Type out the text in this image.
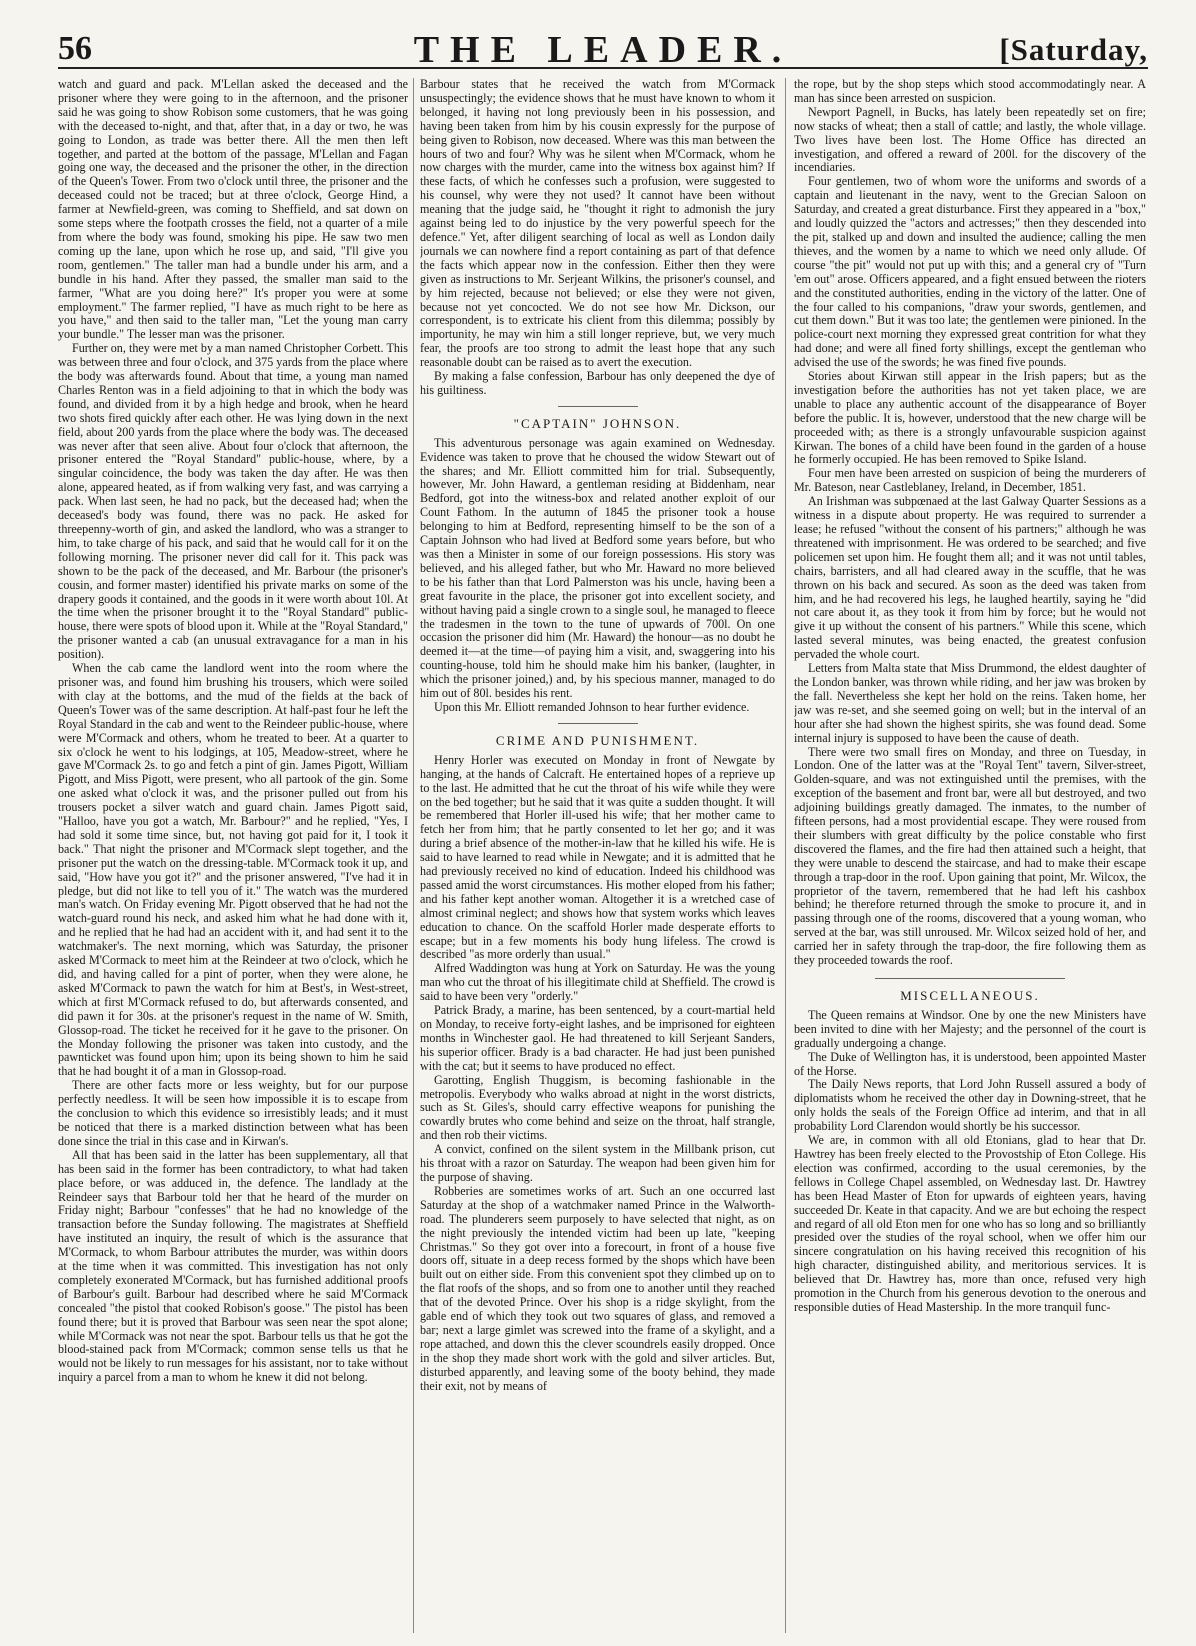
56	THE LEADER.	[Saturday,

watch and guard and pack. M'Lellan asked the deceased and the prisoner where they were going to in the afternoon, and the prisoner said he was going to show Robison some customers, that he was going with the deceased to-night, and that, after that, in a day or two, he was going to London, as trade was better there. All the men then left together, and parted at the bottom of the passage, M'Lellan and Fagan going one way, the deceased and the prisoner the other, in the direction of the Queen's Tower. From two o'clock until three, the prisoner and the deceased could not be traced; but at three o'clock, George Hind, a farmer at Newfield-green, was coming to Sheffield, and sat down on some steps where the footpath crosses the field, not a quarter of a mile from where the body was found, smoking his pipe. He saw two men coming up the lane, upon which he rose up, and said, "I'll give you room, gentlemen." The taller man had a bundle under his arm, and a bundle in his hand. After they passed, the smaller man said to the farmer, "What are you doing here?" It's proper you were at some employment." The farmer replied, "I have as much right to be here as you have," and then said to the taller man, "Let the young man carry your bundle." The lesser man was the prisoner.

Further on, they were met by a man named Christopher Corbett. This was between three and four o'clock, and 375 yards from the place where the body was afterwards found. About that time, a young man named Charles Renton was in a field adjoining to that in which the body was found, and divided from it by a high hedge and brook, when he heard two shots fired quickly after each other. He was lying down in the next field, about 200 yards from the place where the body was. The deceased was never after that seen alive. About four o'clock that afternoon, the prisoner entered the "Royal Standard" public-house, where, by a singular coincidence, the body was taken the day after. He was then alone, appeared heated, as if from walking very fast, and was carrying a pack. When last seen, he had no pack, but the deceased had; when the deceased's body was found, there was no pack. He asked for threepenny-worth of gin, and asked the landlord, who was a stranger to him, to take charge of his pack, and said that he would call for it on the following morning. The prisoner never did call for it. This pack was shown to be the pack of the deceased, and Mr. Barbour (the prisoner's cousin, and former master) identified his private marks on some of the drapery goods it contained, and the goods in it were worth about 10l. At the time when the prisoner brought it to the "Royal Standard" public-house, there were spots of blood upon it. While at the "Royal Standard," the prisoner wanted a cab (an unusual extravagance for a man in his position).

When the cab came the landlord went into the room where the prisoner was, and found him brushing his trousers, which were soiled with clay at the bottoms, and the mud of the fields at the back of Queen's Tower was of the same description. At half-past four he left the Royal Standard in the cab and went to the Reindeer public-house, where were M'Cormack and others, whom he treated to beer. At a quarter to six o'clock he went to his lodgings, at 105, Meadow-street, where he gave M'Cormack 2s. to go and fetch a pint of gin. James Pigott, William Pigott, and Miss Pigott, were present, who all partook of the gin. Some one asked what o'clock it was, and the prisoner pulled out from his trousers pocket a silver watch and guard chain. James Pigott said, "Halloo, have you got a watch, Mr. Barbour?" and he replied, "Yes, I had sold it some time since, but, not having got paid for it, I took it back." That night the prisoner and M'Cormack slept together, and the prisoner put the watch on the dressing-table. M'Cormack took it up, and said, "How have you got it?" and the prisoner answered, "I've had it in pledge, but did not like to tell you of it." The watch was the murdered man's watch. On Friday evening Mr. Pigott observed that he had not the watch-guard round his neck, and asked him what he had done with it, and he replied that he had had an accident with it, and had sent it to the watchmaker's. The next morning, which was Saturday, the prisoner asked M'Cormack to meet him at the Reindeer at two o'clock, which he did, and having called for a pint of porter, when they were alone, he asked M'Cormack to pawn the watch for him at Best's, in West-street, which at first M'Cormack refused to do, but afterwards consented, and did pawn it for 30s. at the prisoner's request in the name of W. Smith, Glossop-road. The ticket he received for it he gave to the prisoner. On the Monday following the prisoner was taken into custody, and the pawnticket was found upon him; upon its being shown to him he said that he had bought it of a man in Glossop-road.

There are other facts more or less weighty, but for our purpose perfectly needless. It will be seen how impossible it is to escape from the conclusion to which this evidence so irresistibly leads; and it must be noticed that there is a marked distinction between what has been done since the trial in this case and in Kirwan's.

All that has been said in the latter has been supplementary, all that has been said in the former has been contradictory, to what had taken place before, or was adduced in, the defence. The landlady at the Reindeer says that Barbour told her that he heard of the murder on Friday night; Barbour "confesses" that he had no knowledge of the transaction before the Sunday following. The magistrates at Sheffield have instituted an inquiry, the result of which is the assurance that M'Cormack, to whom Barbour attributes the murder, was within doors at the time when it was committed. This investigation has not only completely exonerated M'Cormack, but has furnished additional proofs of Barbour's guilt. Barbour had described where he said M'Cormack concealed "the pistol that cooked Robison's goose." The pistol has been found there; but it is proved that Barbour was seen near the spot alone; while M'Cormack was not near the spot. Barbour tells us that he got the blood-stained pack from M'Cormack; common sense tells us that he would not be likely to run messages for his assistant, nor to take without inquiry a parcel from a man to whom he knew it did not belong.

Barbour states that he received the watch from M'Cormack unsuspectingly; the evidence shows that he must have known to whom it belonged, it having not long previously been in his possession, and having been taken from him by his cousin expressly for the purpose of being given to Robison, now deceased. Where was this man between the hours of two and four? Why was he silent when M'Cormack, whom he now charges with the murder, came into the witness box against him? If these facts, of which he confesses such a profusion, were suggested to his counsel, why were they not used? It cannot have been without meaning that the judge said, he "thought it right to admonish the jury against being led to do injustice by the very powerful speech for the defence." Yet, after diligent searching of local as well as London daily journals we can nowhere find a report containing as part of that defence the facts which appear now in the confession. Either then they were given as instructions to Mr. Serjeant Wilkins, the prisoner's counsel, and by him rejected, because not believed; or else they were not given, because not yet concocted. We do not see how Mr. Dickson, our correspondent, is to extricate his client from this dilemma; possibly by importunity, he may win him a still longer reprieve, but, we very much fear, the proofs are too strong to admit the least hope that any such reasonable doubt can be raised as to avert the execution.

By making a false confession, Barbour has only deepened the dye of his guiltiness.

"CAPTAIN" JOHNSON.

This adventurous personage was again examined on Wednesday. Evidence was taken to prove that he choused the widow Stewart out of the shares; and Mr. Elliott committed him for trial. Subsequently, however, Mr. John Haward, a gentleman residing at Biddenham, near Bedford, got into the witness-box and related another exploit of our Count Fathom. In the autumn of 1845 the prisoner took a house belonging to him at Bedford, representing himself to be the son of a Captain Johnson who had lived at Bedford some years before, but who was then a Minister in some of our foreign possessions. His story was believed, and his alleged father, but who Mr. Haward no more believed to be his father than that Lord Palmerston was his uncle, having been a great favourite in the place, the prisoner got into excellent society, and without having paid a single crown to a single soul, he managed to fleece the tradesmen in the town to the tune of upwards of 700l. On one occasion the prisoner did him (Mr. Haward) the honour—as no doubt he deemed it—at the time—of paying him a visit, and, swaggering into his counting-house, told him he should make him his banker, (laughter, in which the prisoner joined,) and, by his specious manner, managed to do him out of 80l. besides his rent.

Upon this Mr. Elliott remanded Johnson to hear further evidence.

CRIME AND PUNISHMENT.

Henry Horler was executed on Monday in front of Newgate by hanging, at the hands of Calcraft. He entertained hopes of a reprieve up to the last. He admitted that he cut the throat of his wife while they were on the bed together; but he said that it was quite a sudden thought. It will be remembered that Horler ill-used his wife; that her mother came to fetch her from him; that he partly consented to let her go; and it was during a brief absence of the mother-in-law that he killed his wife. He is said to have learned to read while in Newgate; and it is admitted that he had previously received no kind of education. Indeed his childhood was passed amid the worst circumstances. His mother eloped from his father; and his father kept another woman. Altogether it is a wretched case of almost criminal neglect; and shows how that system works which leaves education to chance. On the scaffold Horler made desperate efforts to escape; but in a few moments his body hung lifeless. The crowd is described "as more orderly than usual."

Alfred Waddington was hung at York on Saturday. He was the young man who cut the throat of his illegitimate child at Sheffield. The crowd is said to have been very "orderly."

Patrick Brady, a marine, has been sentenced, by a court-martial held on Monday, to receive forty-eight lashes, and be imprisoned for eighteen months in Winchester gaol. He had threatened to kill Serjeant Sanders, his superior officer. Brady is a bad character. He had just been punished with the cat; but it seems to have produced no effect.

Garotting, English Thuggism, is becoming fashionable in the metropolis. Everybody who walks abroad at night in the worst districts, such as St. Giles's, should carry effective weapons for punishing the cowardly brutes who come behind and seize on the throat, half strangle, and then rob their victims.

A convict, confined on the silent system in the Millbank prison, cut his throat with a razor on Saturday. The weapon had been given him for the purpose of shaving.

Robberies are sometimes works of art. Such an one occurred last Saturday at the shop of a watchmaker named Prince in the Walworth-road. The plunderers seem purposely to have selected that night, as on the night previously the intended victim had been up late, "keeping Christmas." So they got over into a forecourt, in front of a house five doors off, situate in a deep recess formed by the shops which have been built out on either side. From this convenient spot they climbed up on to the flat roofs of the shops, and so from one to another until they reached that of the devoted Prince. Over his shop is a ridge skylight, from the gable end of which they took out two squares of glass, and removed a bar; next a large gimlet was screwed into the frame of a skylight, and a rope attached, and down this the clever scoundrels easily dropped. Once in the shop they made short work with the gold and silver articles. But, disturbed apparently, and leaving some of the booty behind, they made their exit, not by means of

the rope, but by the shop steps which stood accommodatingly near. A man has since been arrested on suspicion.

Newport Pagnell, in Bucks, has lately been repeatedly set on fire; now stacks of wheat; then a stall of cattle; and lastly, the whole village. Two lives have been lost. The Home Office has directed an investigation, and offered a reward of 200l. for the discovery of the incendiaries.

Four gentlemen, two of whom wore the uniforms and swords of a captain and lieutenant in the navy, went to the Grecian Saloon on Saturday, and created a great disturbance. First they appeared in a "box," and loudly quizzed the "actors and actresses;" then they descended into the pit, stalked up and down and insulted the audience; calling the men thieves, and the women by a name to which we need only allude. Of course "the pit" would not put up with this; and a general cry of "Turn 'em out" arose. Officers appeared, and a fight ensued between the rioters and the constituted authorities, ending in the victory of the latter. One of the four called to his companions, "draw your swords, gentlemen, and cut them down." But it was too late; the gentlemen were pinioned. In the police-court next morning they expressed great contrition for what they had done; and were all fined forty shillings, except the gentleman who advised the use of the swords; he was fined five pounds.

Stories about Kirwan still appear in the Irish papers; but as the investigation before the authorities has not yet taken place, we are unable to place any authentic account of the disappearance of Boyer before the public. It is, however, understood that the new charge will be proceeded with; as there is a strongly unfavourable suspicion against Kirwan. The bones of a child have been found in the garden of a house he formerly occupied. He has been removed to Spike Island.

Four men have been arrested on suspicion of being the murderers of Mr. Bateson, near Castleblaney, Ireland, in December, 1851.

An Irishman was subpœnaed at the last Galway Quarter Sessions as a witness in a dispute about property. He was required to surrender a lease; he refused "without the consent of his partners;" although he was threatened with imprisonment. He was ordered to be searched; and five policemen set upon him. He fought them all; and it was not until tables, chairs, barristers, and all had cleared away in the scuffle, that he was thrown on his back and secured. As soon as the deed was taken from him, and he had recovered his legs, he laughed heartily, saying he "did not care about it, as they took it from him by force; but he would not give it up without the consent of his partners." While this scene, which lasted several minutes, was being enacted, the greatest confusion pervaded the whole court.

Letters from Malta state that Miss Drummond, the eldest daughter of the London banker, was thrown while riding, and her jaw was broken by the fall. Nevertheless she kept her hold on the reins. Taken home, her jaw was re-set, and she seemed going on well; but in the interval of an hour after she had shown the highest spirits, she was found dead. Some internal injury is supposed to have been the cause of death.

There were two small fires on Monday, and three on Tuesday, in London. One of the latter was at the "Royal Tent" tavern, Silver-street, Golden-square, and was not extinguished until the premises, with the exception of the basement and front bar, were all but destroyed, and two adjoining buildings greatly damaged. The inmates, to the number of fifteen persons, had a most providential escape. They were roused from their slumbers with great difficulty by the police constable who first discovered the flames, and the fire had then attained such a height, that they were unable to descend the staircase, and had to make their escape through a trap-door in the roof. Upon gaining that point, Mr. Wilcox, the proprietor of the tavern, remembered that he had left his cashbox behind; he therefore returned through the smoke to procure it, and in passing through one of the rooms, discovered that a young woman, who served at the bar, was still unroused. Mr. Wilcox seized hold of her, and carried her in safety through the trap-door, the fire following them as they proceeded towards the roof.

MISCELLANEOUS.

The Queen remains at Windsor. One by one the new Ministers have been invited to dine with her Majesty; and the personnel of the court is gradually undergoing a change.

The Duke of Wellington has, it is understood, been appointed Master of the Horse.

The Daily News reports, that Lord John Russell assured a body of diplomatists whom he received the other day in Downing-street, that he only holds the seals of the Foreign Office ad interim, and that in all probability Lord Clarendon would shortly be his successor.

We are, in common with all old Etonians, glad to hear that Dr. Hawtrey has been freely elected to the Provostship of Eton College. His election was confirmed, according to the usual ceremonies, by the fellows in College Chapel assembled, on Wednesday last. Dr. Hawtrey has been Head Master of Eton for upwards of eighteen years, having succeeded Dr. Keate in that capacity. And we are but echoing the respect and regard of all old Eton men for one who has so long and so brilliantly presided over the studies of the royal school, when we offer him our sincere congratulation on his having received this recognition of his high character, distinguished ability, and meritorious services. It is believed that Dr. Hawtrey has, more than once, refused very high promotion in the Church from his generous devotion to the onerous and responsible duties of Head Mastership. In the more tranquil func-
